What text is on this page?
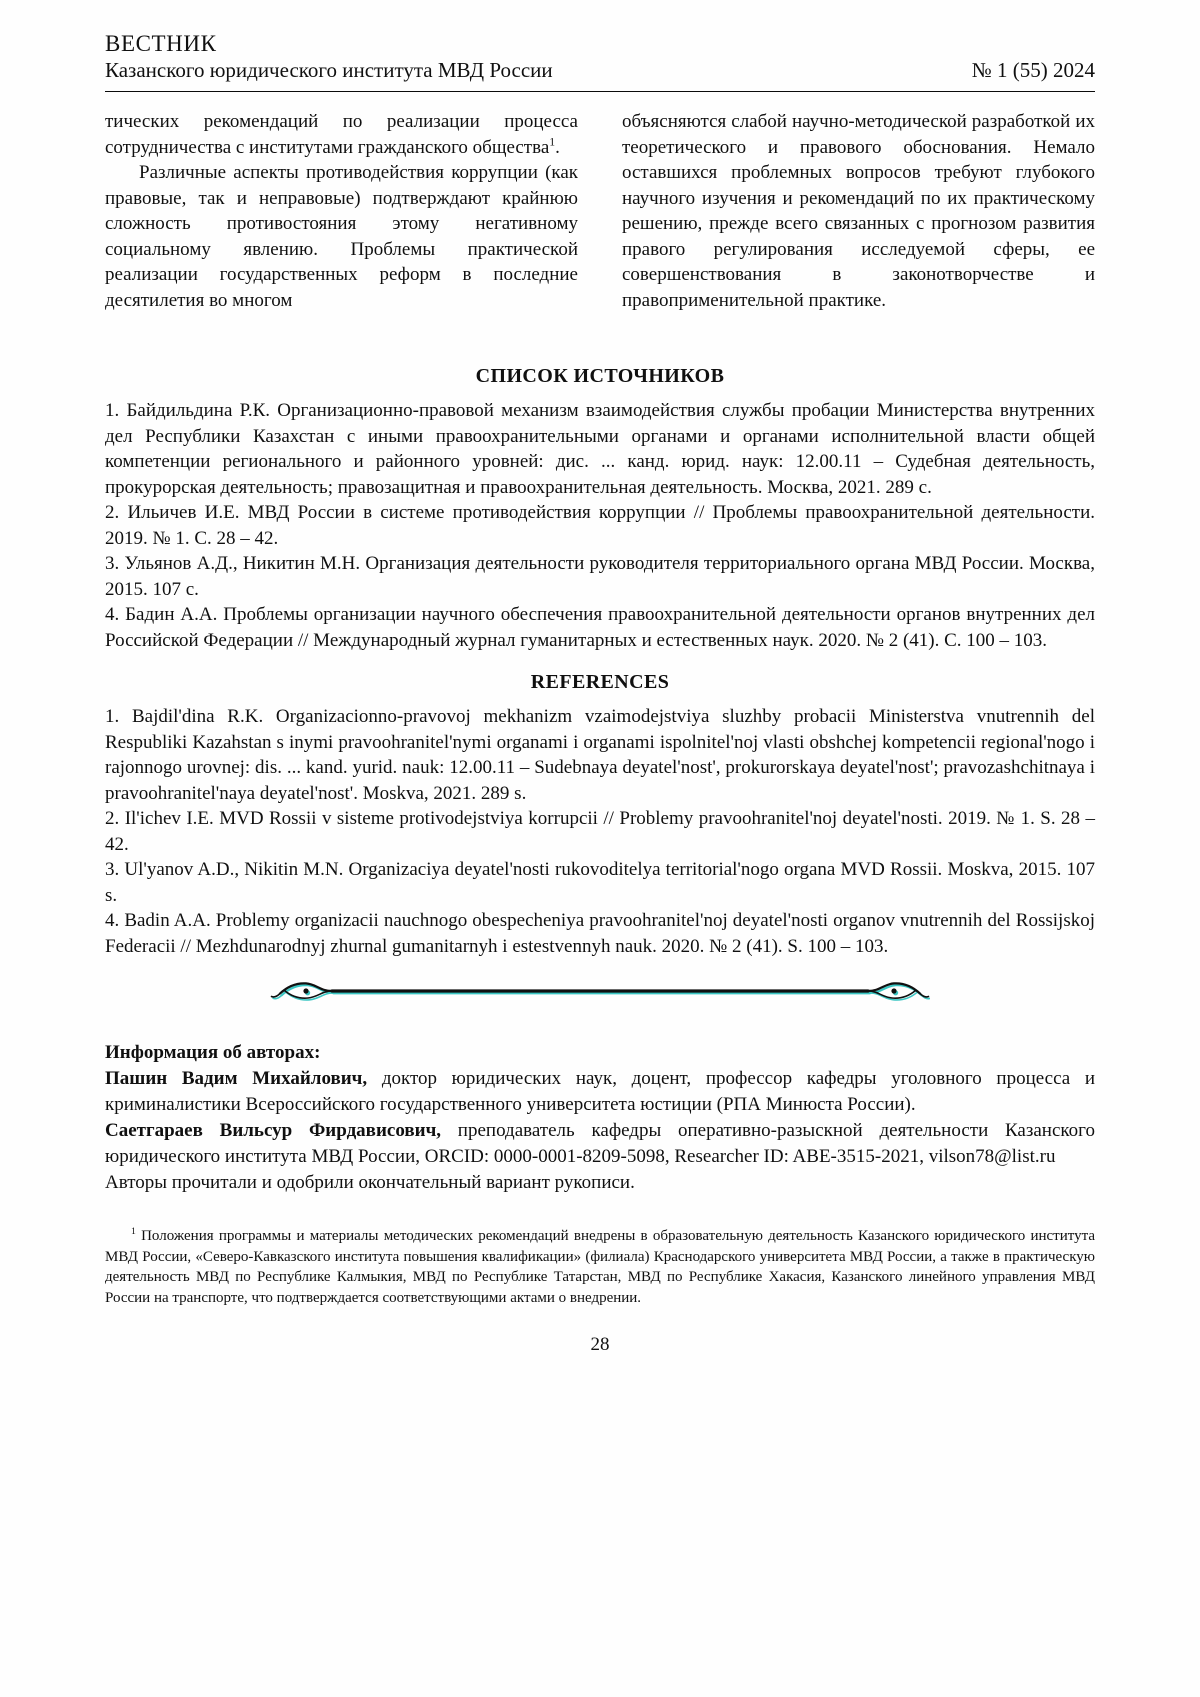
ВЕСТНИК
Казанского юридического института МВД России	№ 1 (55) 2024

тических рекомендаций по реализации процесса сотрудничества с институтами гражданского общества$^1$.

Различные аспекты противодействия коррупции (как правовые, так и неправовые) подтверждают крайнюю сложность противостояния этому негативному социальному явлению. Проблемы практической реализации государственных реформ в последние десятилетия во многом

объясняются слабой научно-методической разработкой их теоретического и правового обоснования. Немало оставшихся проблемных вопросов требуют глубокого научного изучения и рекомендаций по их практическому решению, прежде всего связанных с прогнозом развития правого регулирования исследуемой сферы, ее совершенствования в законотворчестве и правоприменительной практике.

СПИСОК ИСТОЧНИКОВ

1. Байдильдина Р.К. Организационно-правовой механизм взаимодействия службы пробации Министерства внутренних дел Республики Казахстан с иными правоохранительными органами и органами исполнительной власти общей компетенции регионального и районного уровней: дис. ... канд. юрид. наук: 12.00.11 – Судебная деятельность, прокурорская деятельность; правозащитная и правоохранительная деятельность. Москва, 2021. 289 с.

2. Ильичев И.Е. МВД России в системе противодействия коррупции // Проблемы правоохранительной деятельности. 2019. № 1. С. 28 – 42.

3. Ульянов А.Д., Никитин М.Н. Организация деятельности руководителя территориального органа МВД России. Москва, 2015. 107 с.

4. Бадин А.А. Проблемы организации научного обеспечения правоохранительной деятельности органов внутренних дел Российской Федерации // Международный журнал гуманитарных и естественных наук. 2020. № 2 (41). С. 100 – 103.

REFERENCES

1. Bajdil'dina R.K. Organizacionno-pravovoj mekhanizm vzaimodejstviya sluzhby probacii Ministerstva vnutrennih del Respubliki Kazahstan s inymi pravoohranitel'nymi organami i organami ispolnitel'noj vlasti obshchej kompetencii regional'nogo i rajonnogo urovnej: dis. ... kand. yurid. nauk: 12.00.11 – Sudebnaya deyatel'nost', prokurorskaya deyatel'nost'; pravozashchitnaya i pravoohranitel'naya deyatel'nost'. Moskva, 2021. 289 s.

2. Il'ichev I.E. MVD Rossii v sisteme protivodejstviya korrupcii // Problemy pravoohranitel'noj deyatel'nosti. 2019. № 1. S. 28 – 42.

3. Ul'yanov A.D., Nikitin M.N. Organizaciya deyatel'nosti rukovoditelya territorial'nogo organa MVD Rossii. Moskva, 2015. 107 s.

4. Badin A.A. Problemy organizacii nauchnogo obespecheniya pravoohranitel'noj deyatel'nosti organov vnutrennih del Rossijskoj Federacii // Mezhdunarodnyj zhurnal gumanitarnyh i estestvennyh nauk. 2020. № 2 (41). S. 100 – 103.

Информация об авторах:

Пашин Вадим Михайлович, доктор юридических наук, доцент, профессор кафедры уголовного процесса и криминалистики Всероссийского государственного университета юстиции (РПА Минюста России).

Саетгараев Вильсур Фирдависович, преподаватель кафедры оперативно-разыскной деятельности Казанского юридического института МВД России, ORCID: 0000-0001-8209-5098, Researcher ID: ABE-3515-2021, vilson78@list.ru

Авторы прочитали и одобрили окончательный вариант рукописи.

$^1$ Положения программы и материалы методических рекомендаций внедрены в образовательную деятельность Казанского юридического института МВД России, «Северо-Кавказского института повышения квалификации» (филиала) Краснодарского университета МВД России, а также в практическую деятельность МВД по Республике Калмыкия, МВД по Республике Татарстан, МВД по Республике Хакасия, Казанского линейного управления МВД России на транспорте, что подтверждается соответствующими актами о внедрении.

28
